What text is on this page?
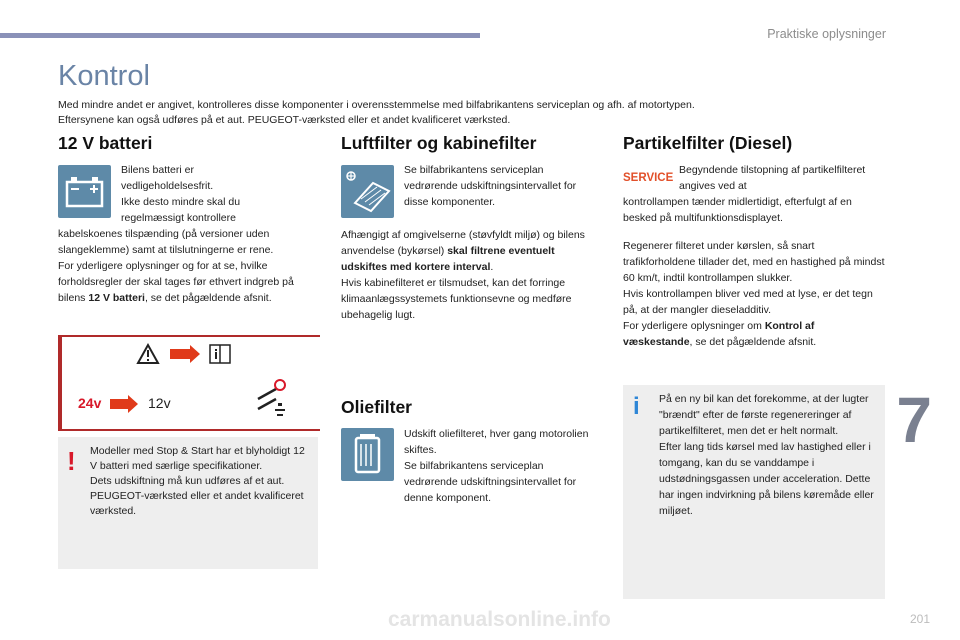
Praktiske oplysninger
7
Kontrol

Med mindre andet er angivet, kontrolleres disse komponenter i overensstemmelse med bilfabrikantens serviceplan og afh. af motortypen.

Eftersynene kan også udføres på et aut. PEUGEOT-værksted eller et andet kvalificeret værksted.

12 V batteri

Bilens batteri er

vedligeholdelsesfrit.

Ikke desto mindre skal du

regelmæssigt kontrollere

kabelskoenes tilspænding (på versioner uden slangeklemme) samt at tilslutningerne er rene.

For yderligere oplysninger og for at se, hvilke forholdsregler der skal tages før ethvert indgreb på bilens 12 V batteri, se det pågældende afsnit.

24v	12v
! Modeller med Stop & Start har et blyholdigt 12 V batteri med særlige specifikationer.

Dets udskiftning må kun udføres af et aut. PEUGEOT-værksted eller et andet kvalificeret værksted.

Luftfilter og kabinefilter

Se bilfabrikantens serviceplan vedrørende udskiftningsintervallet for disse komponenter.

Afhængigt af omgivelserne (støvfyldt miljø) og bilens anvendelse (bykørsel) skal filtrene eventuelt udskiftes med kortere interval.

Hvis kabinefilteret er tilsmudset, kan det forringe klimaanlægssystemets funktionsevne og medføre ubehagelig lugt.

Oliefilter

Udskift oliefilteret, hver gang motorolien skiftes.

Se bilfabrikantens serviceplan vedrørende udskiftningsintervallet for denne komponent.

Partikelfilter (Diesel)
SERVICE

Begyndende tilstopning af partikelfilteret angives ved at

kontrollampen tænder midlertidigt, efterfulgt af en besked på multifunktionsdisplayet.

Regenerer filteret under kørslen, så snart trafikforholdene tillader det, med en hastighed på mindst 60 km/t, indtil kontrollampen slukker.

Hvis kontrollampen bliver ved med at lyse, er det tegn på, at der mangler dieseladditiv.

For yderligere oplysninger om Kontrol af væskestande, se det pågældende afsnit.

i På en ny bil kan det forekomme, at der lugter "brændt" efter de første regenereringer af partikelfilteret, men det er helt normalt.

Efter lang tids kørsel med lav hastighed eller i tomgang, kan du se vanddampe i udstødningsgassen under acceleration. Dette har ingen indvirkning på bilens køremåde eller miljøet.

carmanualsonline.info	201
